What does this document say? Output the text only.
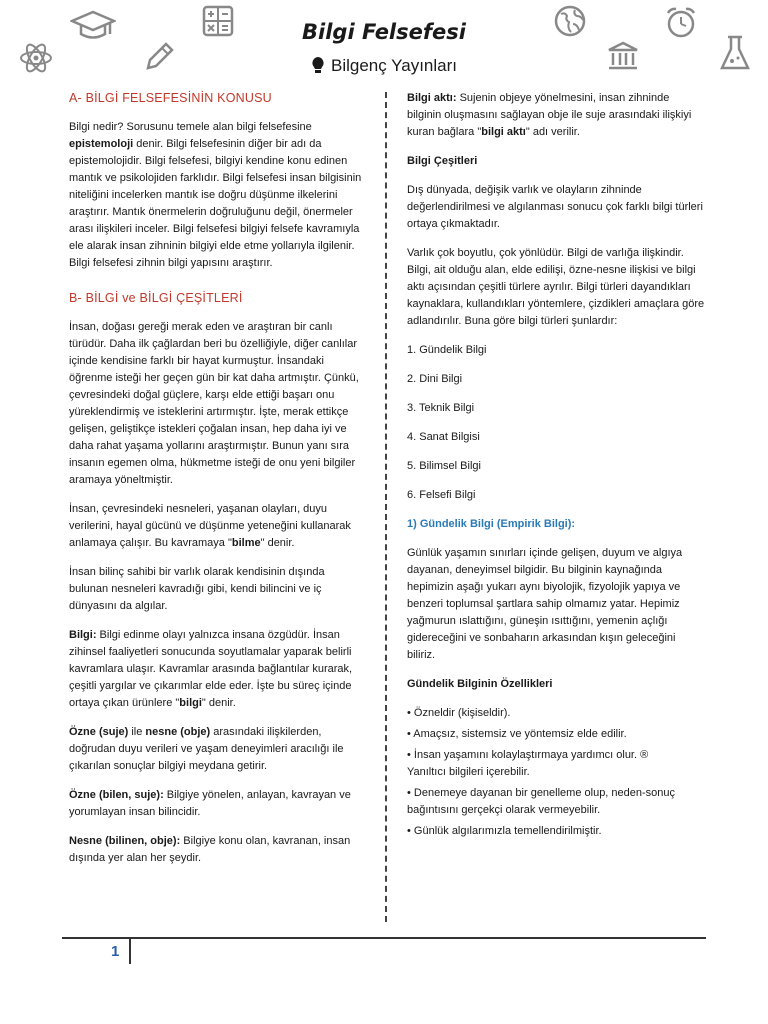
Bilgi Felsefesi
Bilgenç Yayınları

A- BİLGİ FELSEFESİNİN KONUSU

Bilgi nedir? Sorusunu temele alan bilgi felsefesine epistemoloji denir. Bilgi felsefesinin diğer bir adı da epistemolojidir. Bilgi felsefesi, bilgiyi kendine konu edinen mantık ve psikolojiden farklıdır. Bilgi felsefesi insan bilgisinin niteliğini incelerken mantık ise doğru düşünme ilkelerini araştırır. Mantık önermelerin doğruluğunu değil, önermeler arası ilişkileri inceler. Bilgi felsefesi bilgiyi felsefe kavramıyla ele alarak insan zihninin bilgiyi elde etme yollarıyla ilgilenir. Bilgi felsefesi zihnin bilgi yapısını araştırır.

B- BİLGİ ve BİLGİ ÇEŞİTLERİ

İnsan, doğası gereği merak eden ve araştıran bir canlı türüdür. Daha ilk çağlardan beri bu özelliğiyle, diğer canlılar içinde kendisine farklı bir hayat kurmuştur. İnsandaki öğrenme isteği her geçen gün bir kat daha artmıştır. Çünkü, çevresindeki doğal güçlere, karşı elde ettiği başarı onu yüreklendirmiş ve isteklerini artırmıştır. İşte, merak ettikçe gelişen, geliştikçe istekleri çoğalan insan, hep daha iyi ve daha rahat yaşama yollarını araştırmıştır. Bunun yanı sıra insanın egemen olma, hükmetme isteği de onu yeni bilgiler aramaya yöneltmiştir.

İnsan, çevresindeki nesneleri, yaşanan olayları, duyu verilerini, hayal gücünü ve düşünme yeteneğini kullanarak anlamaya çalışır. Bu kavramaya "bilme" denir.

İnsan bilinç sahibi bir varlık olarak kendisinin dışında bulunan nesneleri kavradığı gibi, kendi bilincini ve iç dünyasını da algılar.

Bilgi: Bilgi edinme olayı yalnızca insana özgüdür. İnsan zihinsel faaliyetleri sonucunda soyutlamalar yaparak belirli kavramlara ulaşır. Kavramlar arasında bağlantılar kurarak, çeşitli yargılar ve çıkarımlar elde eder. İşte bu süreç içinde ortaya çıkan ürünlere "bilgi" denir.

Özne (suje) ile nesne (obje) arasındaki ilişkilerden, doğrudan duyu verileri ve yaşam deneyimleri aracılığı ile çıkarılan sonuçlar bilgiyi meydana getirir.

Özne (bilen, suje): Bilgiye yönelen, anlayan, kavrayan ve yorumlayan insan bilincidir.

Nesne (bilinen, obje): Bilgiye konu olan, kavranan, insan dışında yer alan her şeydir.

Bilgi aktı: Sujenin objeye yönelmesini, insan zihninde bilginin oluşmasını sağlayan obje ile suje arasındaki ilişkiyi kuran bağlara "bilgi aktı" adı verilir.

Bilgi Çeşitleri

Dış dünyada, değişik varlık ve olayların zihninde değerlendirilmesi ve algılanması sonucu çok farklı bilgi türleri ortaya çıkmaktadır.

Varlık çok boyutlu, çok yönlüdür. Bilgi de varlığa ilişkindir. Bilgi, ait olduğu alan, elde edilişi, özne-nesne ilişkisi ve bilgi aktı açısından çeşitli türlere ayrılır. Bilgi türleri dayandıkları kaynaklara, kullandıkları yöntemlere, çizdikleri amaçlara göre adlandırılır. Buna göre bilgi türleri şunlardır:

1. Gündelik Bilgi

2. Dini Bilgi

3. Teknik Bilgi

4. Sanat Bilgisi

5. Bilimsel Bilgi

6. Felsefi Bilgi

1) Gündelik Bilgi (Empirik Bilgi):

Günlük yaşamın sınırları içinde gelişen, duyum ve algıya dayanan, deneyimsel bilgidir. Bu bilginin kaynağında hepimizin aşağı yukarı aynı biyolojik, fizyolojik yapıya ve benzeri toplumsal şartlara sahip olmamız yatar. Hepimiz yağmurun ıslattığını, güneşin ısıttığını, yemenin açlığı gidereceğini ve sonbaharın arkasından kışın geleceğini biliriz.

Gündelik Bilginin Özellikleri

• Özneldir (kişiseldir).

• Amaçsız, sistemsiz ve yöntemsiz elde edilir.

• İnsan yaşamını kolaylaştırmaya yardımcı olur. ®

Yanıltıcı bilgileri içerebilir.

• Denemeye dayanan bir genelleme olup, neden-sonuç bağıntısını gerçekçi olarak vermeyebilir.

• Günlük algılarımızla temellendirilmiştir.

1
